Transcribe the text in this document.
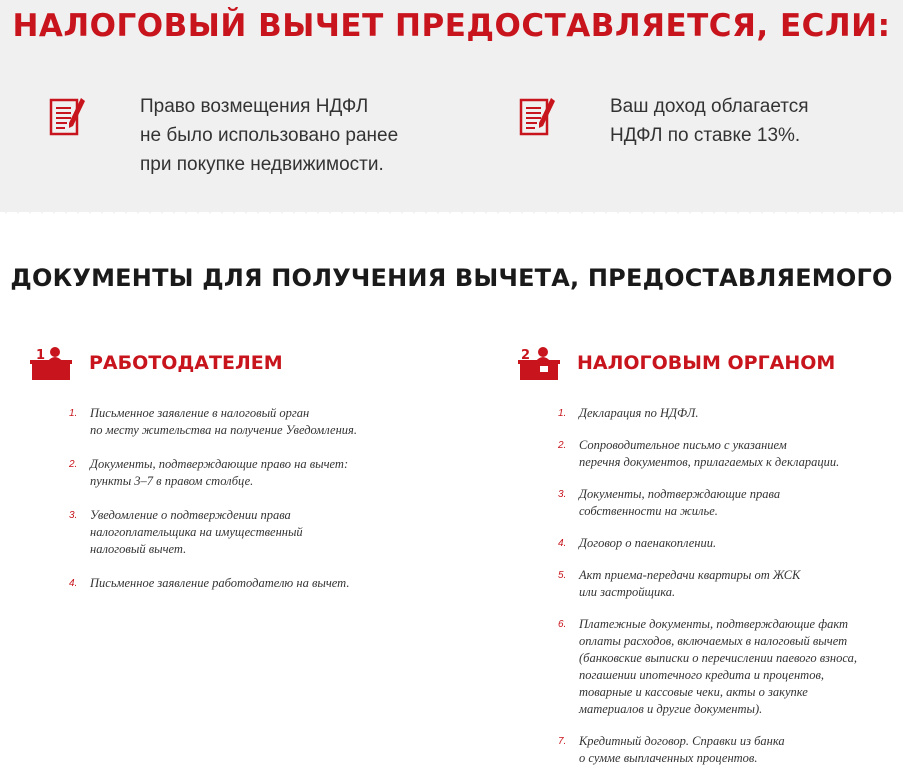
НАЛОГОВЫЙ ВЫЧЕТ ПРЕДОСТАВЛЯЕТСЯ, ЕСЛИ:
Право возмещения НДФЛ
не было использовано ранее
при покупке недвижимости.
Ваш доход облагается
НДФЛ по ставке 13%.
ДОКУМЕНТЫ ДЛЯ ПОЛУЧЕНИЯ ВЫЧЕТА, ПРЕДОСТАВЛЯЕМОГО
1 РАБОТОДАТЕЛЕМ	2 НАЛОГОВЫМ ОРГАНОМ
1.	Письменное заявление в налоговый орган
по месту жительства на получение Уведомления.
2.	Документы, подтверждающие право на вычет:
пункты 3–7 в правом столбце.
3.	Уведомление о подтверждении права
налогоплательщика на имущественный
налоговый вычет.
4.	Письменное заявление работодателю на вычет.
1.	Декларация по НДФЛ.
2.	Сопроводительное письмо с указанием
перечня документов, прилагаемых к декларации.
3.	Документы, подтверждающие права
собственности на жилье.
4.	Договор о паенакоплении.
5.	Акт приема-передачи квартиры от ЖСК
или застройщика.
6.	Платежные документы, подтверждающие факт
оплаты расходов, включаемых в налоговый вычет
(банковские выписки о перечислении паевого взноса,
погашении ипотечного кредита и процентов,
товарные и кассовые чеки, акты о закупке
материалов и другие документы).
7.	Кредитный договор. Справки из банка
о сумме выплаченных процентов.
